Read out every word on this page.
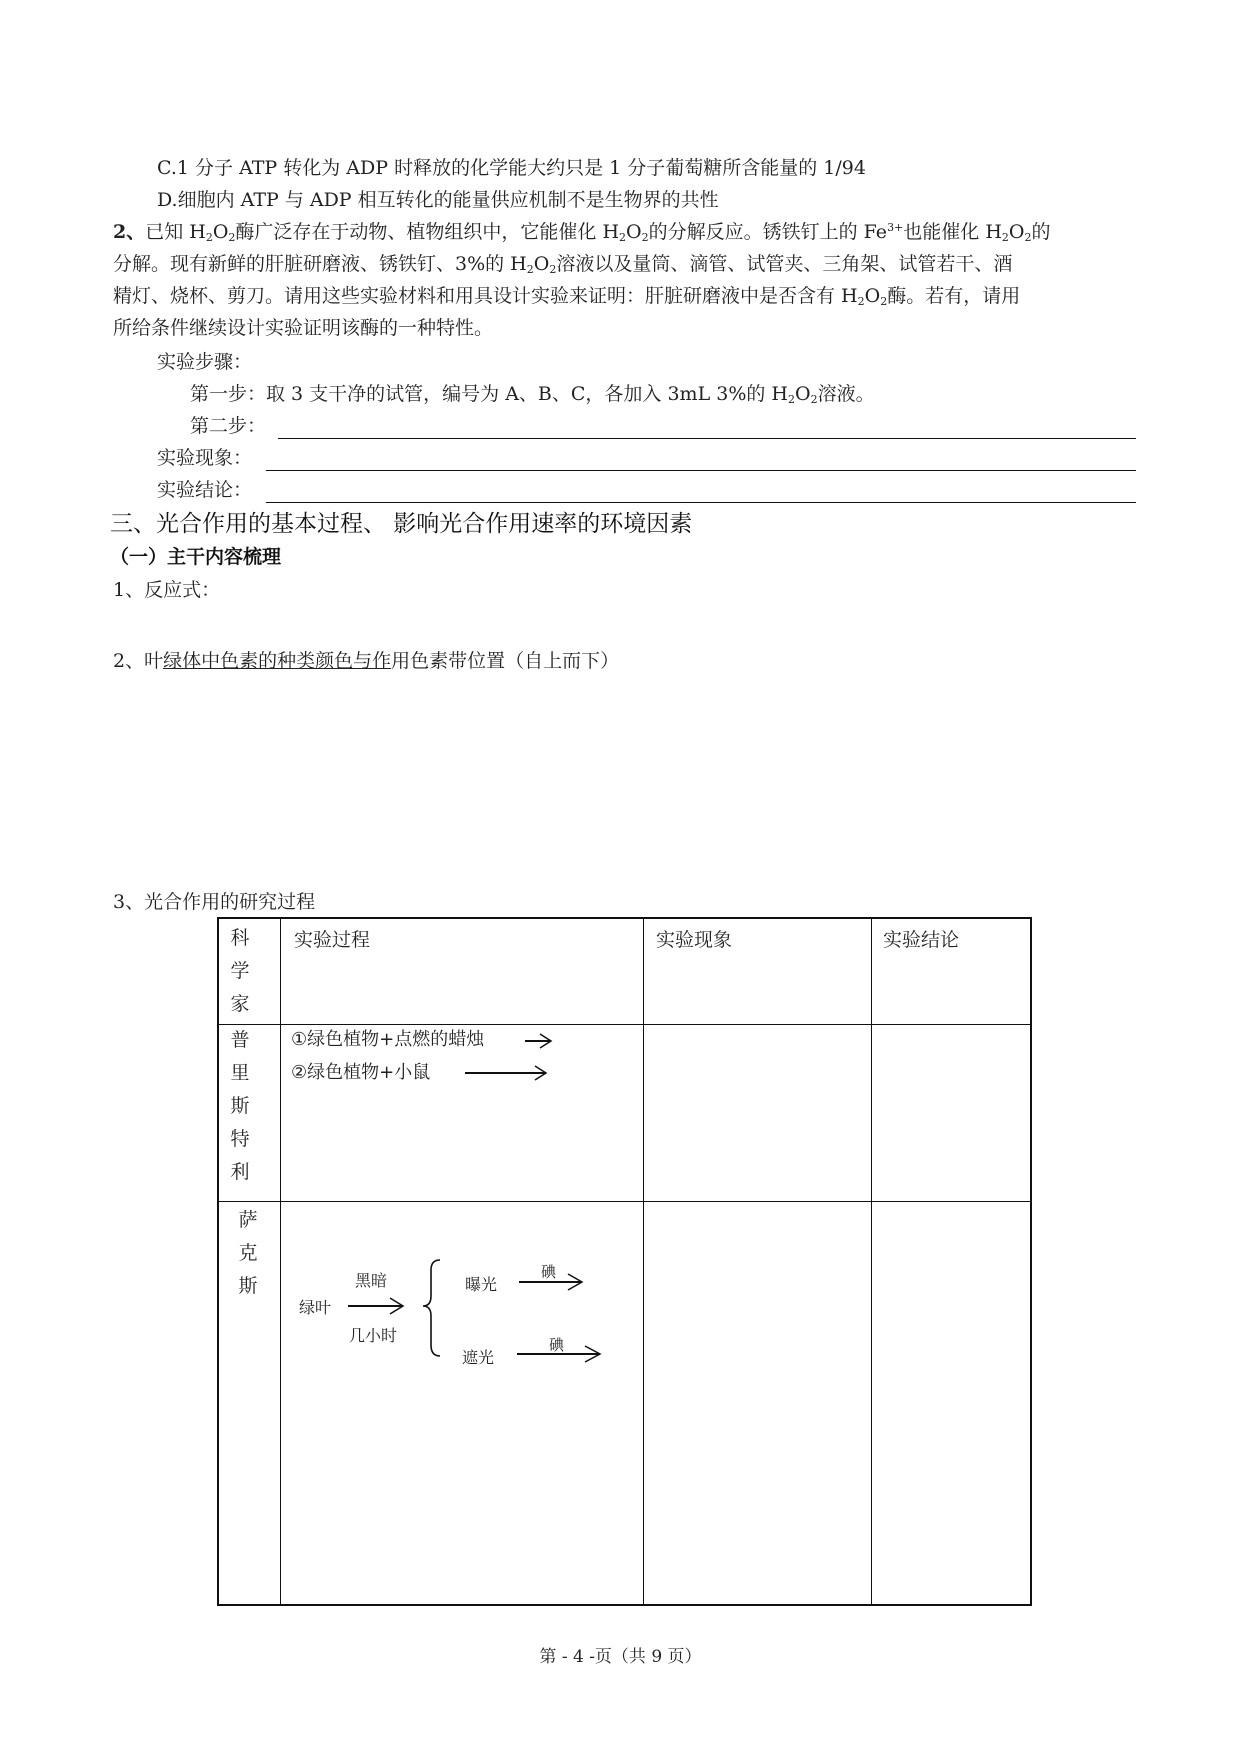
C.1 分子 ATP 转化为 ADP 时释放的化学能大约只是 1 分子葡萄糖所含能量的 1/94
D.细胞内 ATP 与 ADP 相互转化的能量供应机制不是生物界的共性
2、已知 $H_2O_2$酶广泛存在于动物、植物组织中，它能催化 $H_2O_2$的分解反应。锈铁钉上的 $Fe^{3+}$也能催化 $H_2O_2$的
分解。现有新鲜的肝脏研磨液、锈铁钉、3%的 $H_2O_2$溶液以及量筒、滴管、试管夹、三角架、试管若干、酒
精灯、烧杯、剪刀。请用这些实验材料和用具设计实验来证明：肝脏研磨液中是否含有 $H_2O_2$酶。若有，请用
所给条件继续设计实验证明该酶的一种特性。
实验步骤：
第一步：取 3 支干净的试管，编号为 A、B、C，各加入 3mL 3%的 $H_2O_2$溶液。
第二步：
实验现象：
实验结论：
三、光合作用的基本过程、 影响光合作用速率的环境因素
（一）主干内容梳理
1、反应式：
2、叶绿体中色素的种类颜色与作用色素带位置（自上而下）
3、光合作用的研究过程
科
学
家
实验过程	实验现象	实验结论
普
里
斯
特
利
①绿色植物+点燃的蜡烛
②绿色植物+小鼠
萨
克
斯
绿叶
黑暗
几小时
曝光
碘
遮光
碘
第 - 4 -页（共 9 页）
